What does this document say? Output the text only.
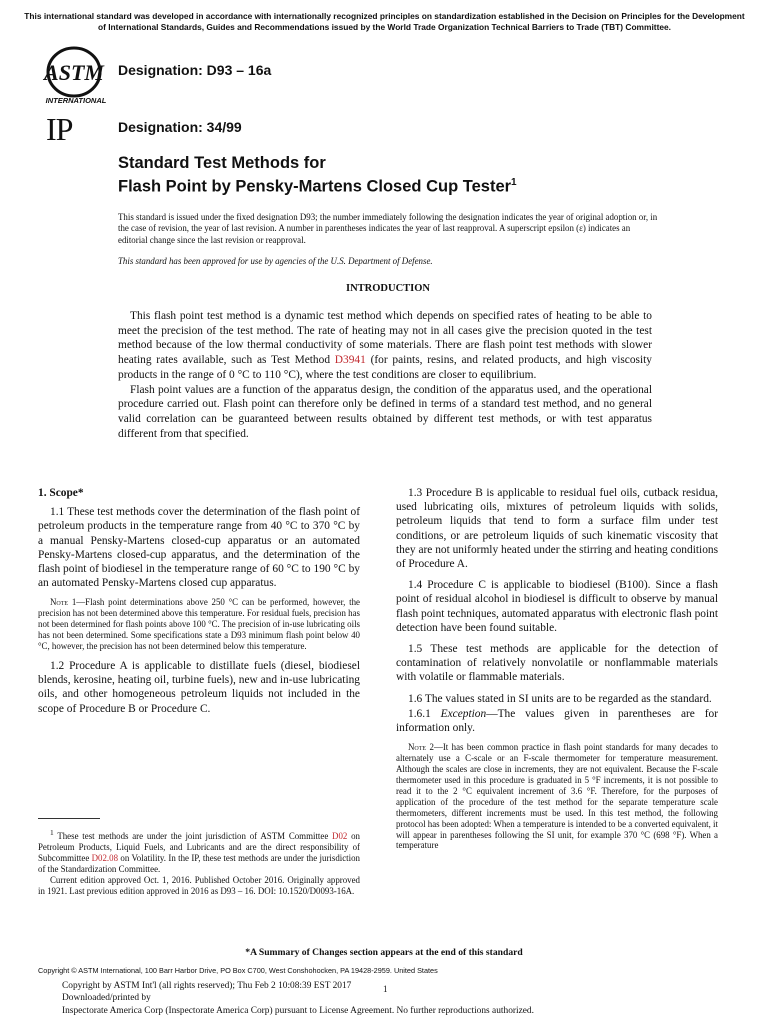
This international standard was developed in accordance with internationally recognized principles on standardization established in the Decision on Principles for the Development of International Standards, Guides and Recommendations issued by the World Trade Organization Technical Barriers to Trade (TBT) Committee.
ASTM
INTERNATIONAL
Designation: D93 – 16a
IP	Designation: 34/99
Standard Test Methods for
Flash Point by Pensky-Martens Closed Cup Tester$^1$
This standard is issued under the fixed designation D93; the number immediately following the designation indicates the year of original adoption or, in the case of revision, the year of last revision. A number in parentheses indicates the year of last reapproval. A superscript epsilon (ε) indicates an editorial change since the last revision or reapproval.
This standard has been approved for use by agencies of the U.S. Department of Defense.
INTRODUCTION

This flash point test method is a dynamic test method which depends on specified rates of heating to be able to meet the precision of the test method. The rate of heating may not in all cases give the precision quoted in the test method because of the low thermal conductivity of some materials. There are flash point test methods with slower heating rates available, such as Test Method D3941 (for paints, resins, and related products, and high viscosity products in the range of 0 °C to 110 °C), where the test conditions are closer to equilibrium.

Flash point values are a function of the apparatus design, the condition of the apparatus used, and the operational procedure carried out. Flash point can therefore only be defined in terms of a standard test method, and no general valid correlation can be guaranteed between results obtained by different test methods, or with test apparatus different from that specified.

1. Scope*

1.1 These test methods cover the determination of the flash point of petroleum products in the temperature range from 40 °C to 370 °C by a manual Pensky-Martens closed-cup apparatus or an automated Pensky-Martens closed-cup apparatus, and the determination of the flash point of biodiesel in the temperature range of 60 °C to 190 °C by an automated Pensky-Martens closed cup apparatus.

Note 1—Flash point determinations above 250 °C can be performed, however, the precision has not been determined above this temperature. For residual fuels, precision has not been determined for flash points above 100 °C. The precision of in-use lubricating oils has not been determined. Some specifications state a D93 minimum flash point below 40 °C, however, the precision has not been determined below this temperature.

1.2 Procedure A is applicable to distillate fuels (diesel, biodiesel blends, kerosine, heating oil, turbine fuels), new and in-use lubricating oils, and other homogeneous petroleum liquids not included in the scope of Procedure B or Procedure C.

1.3 Procedure B is applicable to residual fuel oils, cutback residua, used lubricating oils, mixtures of petroleum liquids with solids, petroleum liquids that tend to form a surface film under test conditions, or are petroleum liquids of such kinematic viscosity that they are not uniformly heated under the stirring and heating conditions of Procedure A.

1.4 Procedure C is applicable to biodiesel (B100). Since a flash point of residual alcohol in biodiesel is difficult to observe by manual flash point techniques, automated apparatus with electronic flash point detection have been found suitable.

1.5 These test methods are applicable for the detection of contamination of relatively nonvolatile or nonflammable materials with volatile or flammable materials.

1.6 The values stated in SI units are to be regarded as the standard.

1.6.1 Exception—The values given in parentheses are for information only.

Note 2—It has been common practice in flash point standards for many decades to alternately use a C-scale or an F-scale thermometer for temperature measurement. Although the scales are close in increments, they are not equivalent. Because the F-scale thermometer used in this procedure is graduated in 5 °F increments, it is not possible to read it to the 2 °C equivalent increment of 3.6 °F. Therefore, for the purposes of application of the procedure of the test method for the separate temperature scale thermometers, different increments must be used. In this test method, the following protocol has been adopted: When a temperature is intended to be a converted equivalent, it will appear in parentheses following the SI unit, for example 370 °C (698 °F). When a temperature

$^1$ These test methods are under the joint jurisdiction of ASTM Committee D02 on Petroleum Products, Liquid Fuels, and Lubricants and are the direct responsibility of Subcommittee D02.08 on Volatility. In the IP, these test methods are under the jurisdiction of the Standardization Committee.

Current edition approved Oct. 1, 2016. Published October 2016. Originally approved in 1921. Last previous edition approved in 2016 as D93 – 16. DOI: 10.1520/D0093-16A.

*A Summary of Changes section appears at the end of this standard
Copyright © ASTM International, 100 Barr Harbor Drive, PO Box C700, West Conshohocken, PA 19428-2959. United States
Copyright by ASTM Int'l (all rights reserved); Thu Feb 2 10:08:39 EST 2017
Downloaded/printed by
Inspectorate America Corp (Inspectorate America Corp) pursuant to License Agreement. No further reproductions authorized.
1
